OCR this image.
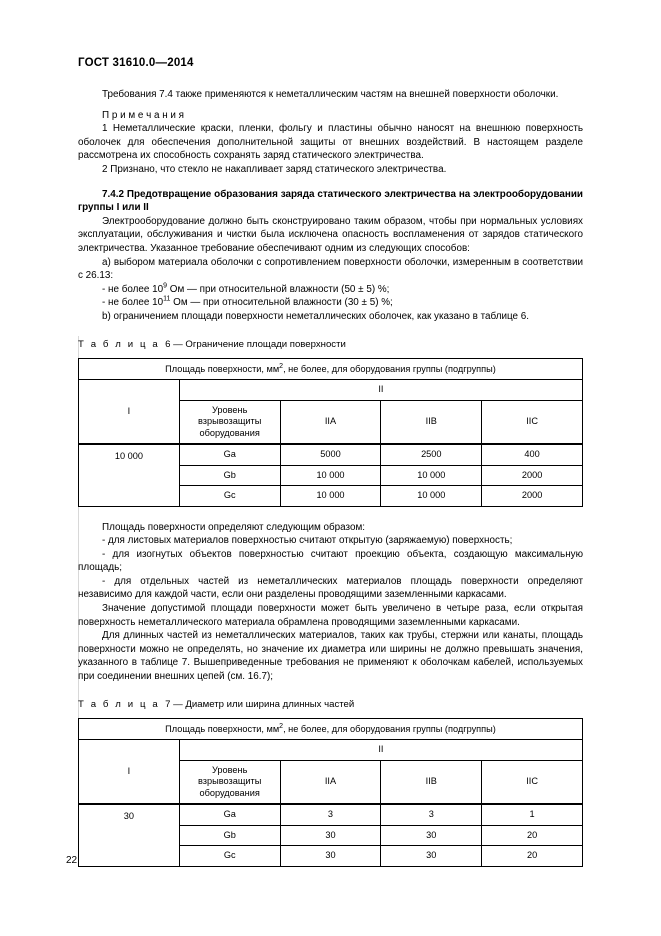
ГОСТ 31610.0—2014

Требования 7.4 также применяются к неметаллическим частям на внешней поверхности оболочки.

П р и м е ч а н и я

1 Неметаллические краски, пленки, фольгу и пластины обычно наносят на внешнюю поверхность оболочек для обеспечения дополнительной защиты от внешних воздействий. В настоящем разделе рассмотрена их способность сохранять заряд статического электричества.

2 Признано, что стекло не накапливает заряд статического электричества.

7.4.2 Предотвращение образования заряда статического электричества на электрооборудовании группы I или II

Электрооборудование должно быть сконструировано таким образом, чтобы при нормальных условиях эксплуатации, обслуживания и чистки была исключена опасность воспламенения от зарядов статического электричества. Указанное требование обеспечивают одним из следующих способов:

а) выбором материала оболочки с сопротивлением поверхности оболочки, измеренным в соответствии с 26.13:

- не более $10^9$ Ом — при относительной влажности (50 ± 5) %;

- не более $10^{11}$ Ом — при относительной влажности (30 ± 5) %;

b) ограничением площади поверхности неметаллических оболочек, как указано в таблице 6.

Т а б л и ц а 6 — Ограничение площади поверхности

Площадь поверхности, $мм^2$, не более, для оборудования группы (подгруппы)				
I	II			
	Уровень взрывозащиты оборудования	IIA	IIB	IIC
10 000	Ga	5000	2500	400
	Gb	10 000	10 000	2000
	Gc	10 000	10 000	2000

Площадь поверхности определяют следующим образом:

- для листовых материалов поверхностью считают открытую (заряжаемую) поверхность;

- для изогнутых объектов поверхностью считают проекцию объекта, создающую максимальную площадь;

- для отдельных частей из неметаллических материалов площадь поверхности определяют независимо для каждой части, если они разделены проводящими заземленными каркасами.

Значение допустимой площади поверхности может быть увеличено в четыре раза, если открытая поверхность неметаллического материала обрамлена проводящими заземленными каркасами.

Для длинных частей из неметаллических материалов, таких как трубы, стержни или канаты, площадь поверхности можно не определять, но значение их диаметра или ширины не должно превышать значения, указанного в таблице 7. Вышеприведенные требования не применяют к оболочкам кабелей, используемых при соединении внешних цепей (см. 16.7);

Т а б л и ц а 7 — Диаметр или ширина длинных частей

Площадь поверхности, $мм^2$, не более, для оборудования группы (подгруппы)				
I	II			
	Уровень взрывозащиты оборудования	IIA	IIB	IIC
30	Ga	3	3	1
	Gb	30	30	20
	Gc	30	30	20
22
